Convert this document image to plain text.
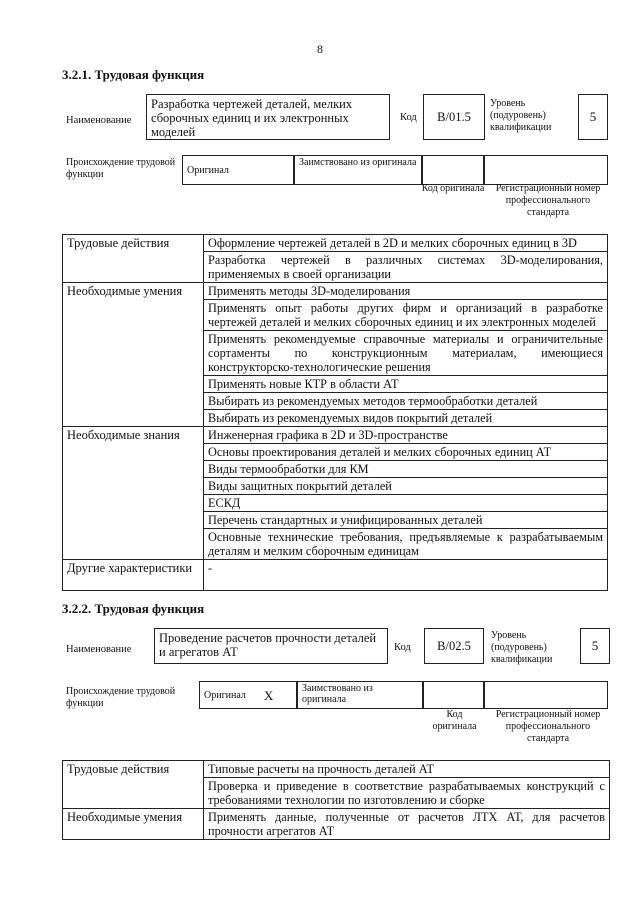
8
3.2.1. Трудовая функция
Наименование
Разработка чертежей деталей, мелких сборочных единиц и их электронных моделей
Код	B/01.5
Уровень (подуровень) квалификации
5
Происхождение трудовой функции	Оригинал
Заимствовано из оригинала
Код оригинала	Регистрационный номер профессионального стандарта
Трудовые действия	Оформление чертежей деталей в 2D и мелких сборочных единиц в 3D
	Разработка чертежей в различных системах 3D-моделирования, применяемых в своей организации
Необходимые умения	Применять методы 3D-моделирования
	Применять опыт работы других фирм и организаций в разработке чертежей деталей и мелких сборочных единиц и их электронных моделей
	Применять рекомендуемые справочные материалы и ограничительные сортаменты по конструкционным материалам, имеющиеся конструкторско-технологические решения
	Применять новые КТР в области АТ
	Выбирать из рекомендуемых методов термообработки деталей
	Выбирать из рекомендуемых видов покрытий деталей
Необходимые знания	Инженерная графика в 2D и 3D-пространстве
	Основы проектирования деталей и мелких сборочных единиц АТ
	Виды термообработки для КМ
	Виды защитных покрытий деталей
	ЕСКД
	Перечень стандартных и унифицированных деталей
	Основные технические требования, предъявляемые к разрабатываемым деталям и мелким сборочным единицам
Другие характеристики	-
3.2.2. Трудовая функция
Наименование
Проведение расчетов прочности деталей и агрегатов АТ	Код	B/02.5
Уровень (подуровень) квалификации
5
Происхождение трудовой функции
Оригинал X	Заимствовано из оригинала
Код оригинала
Регистрационный номер профессионального стандарта
Трудовые действия	Типовые расчеты на прочность деталей АТ
	Проверка и приведение в соответствие разрабатываемых конструкций с требованиями технологии по изготовлению и сборке
Необходимые умения	Применять данные, полученные от расчетов ЛТХ АТ, для расчетов прочности агрегатов АТ
